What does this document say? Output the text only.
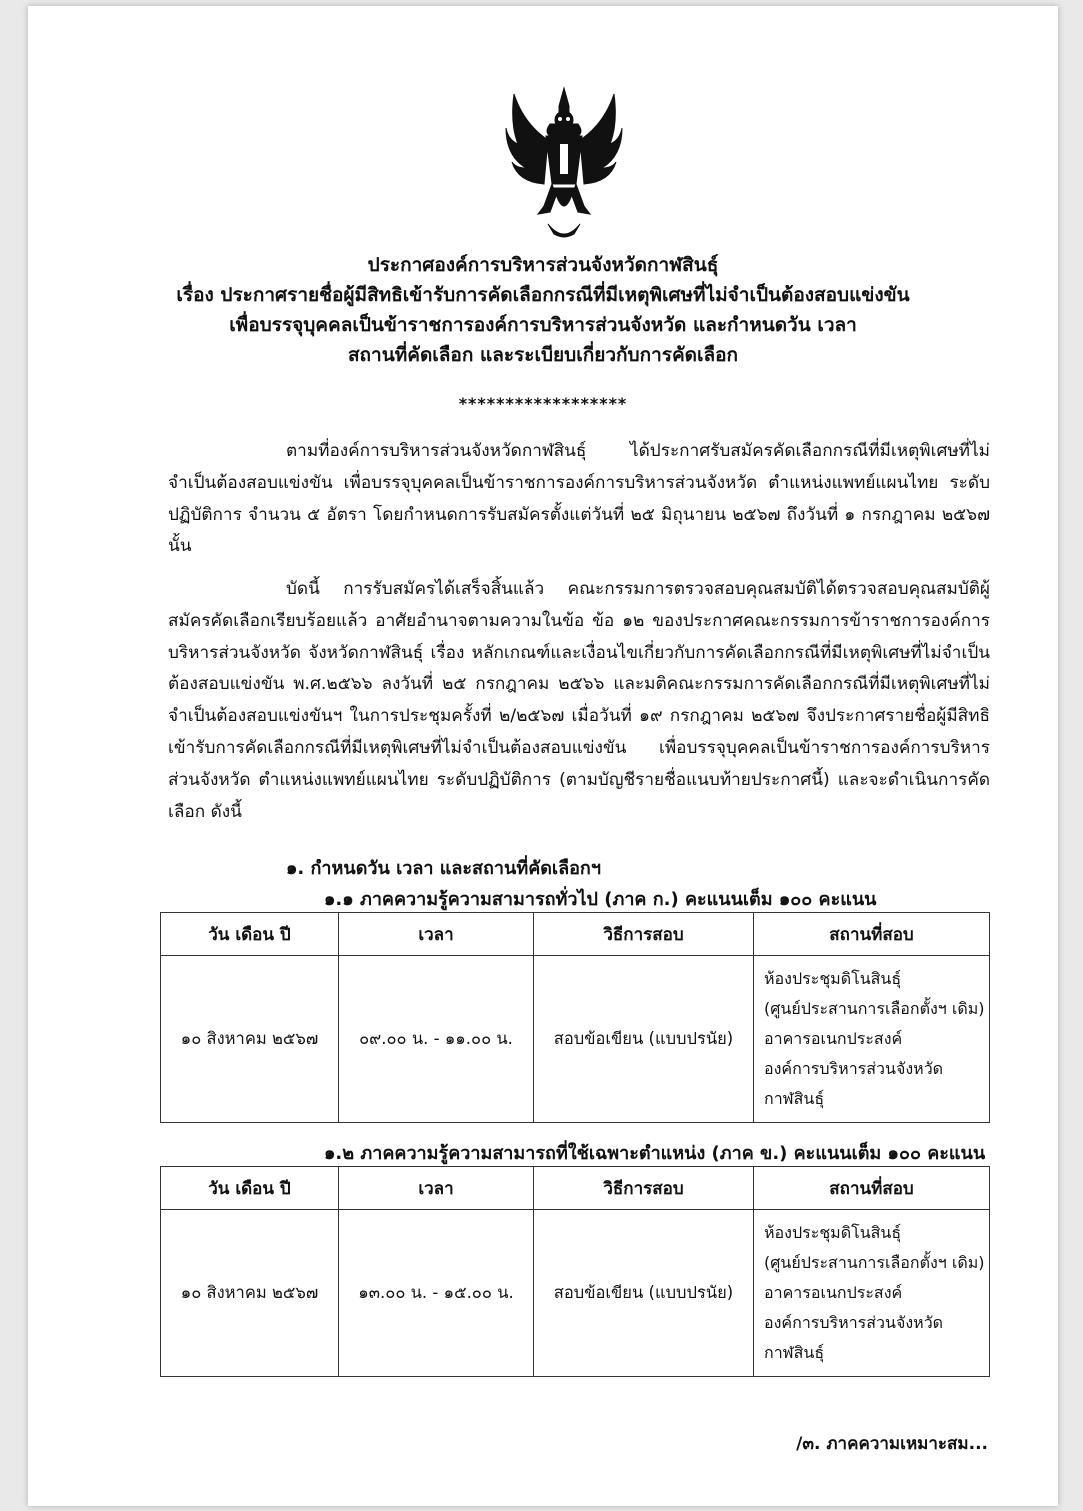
ประกาศองค์การบริหารส่วนจังหวัดกาฬสินธุ์
เรื่อง ประกาศรายชื่อผู้มีสิทธิเข้ารับการคัดเลือกกรณีที่มีเหตุพิเศษที่ไม่จำเป็นต้องสอบแข่งขัน
เพื่อบรรจุบุคคลเป็นข้าราชการองค์การบริหารส่วนจังหวัด และกำหนดวัน เวลา
สถานที่คัดเลือก และระเบียบเกี่ยวกับการคัดเลือก
******************
ตามที่องค์การบริหารส่วนจังหวัดกาฬสินธุ์ ได้ประกาศรับสมัครคัดเลือกกรณีที่มีเหตุพิเศษที่ไม่จำเป็นต้องสอบแข่งขัน เพื่อบรรจุบุคคลเป็นข้าราชการองค์การบริหารส่วนจังหวัด ตำแหน่งแพทย์แผนไทย ระดับปฏิบัติการ จำนวน ๕ อัตรา โดยกำหนดการรับสมัครตั้งแต่วันที่ ๒๕ มิถุนายน ๒๕๖๗ ถึงวันที่ ๑ กรกฎาคม ๒๕๖๗ นั้น
บัดนี้ การรับสมัครได้เสร็จสิ้นแล้ว คณะกรรมการตรวจสอบคุณสมบัติได้ตรวจสอบคุณสมบัติผู้สมัครคัดเลือกเรียบร้อยแล้ว อาศัยอำนาจตามความในข้อ ข้อ ๑๒ ของประกาศคณะกรรมการข้าราชการองค์การบริหารส่วนจังหวัด จังหวัดกาฬสินธุ์ เรื่อง หลักเกณฑ์และเงื่อนไขเกี่ยวกับการคัดเลือกกรณีที่มีเหตุพิเศษที่ไม่จำเป็นต้องสอบแข่งขัน พ.ศ.๒๕๖๖ ลงวันที่ ๒๕ กรกฎาคม ๒๕๖๖ และมติคณะกรรมการคัดเลือกกรณีที่มีเหตุพิเศษที่ไม่จำเป็นต้องสอบแข่งขันฯ ในการประชุมครั้งที่ ๒/๒๕๖๗ เมื่อวันที่ ๑๙ กรกฎาคม ๒๕๖๗ จึงประกาศรายชื่อผู้มีสิทธิเข้ารับการคัดเลือกกรณีที่มีเหตุพิเศษที่ไม่จำเป็นต้องสอบแข่งขัน เพื่อบรรจุบุคคลเป็นข้าราชการองค์การบริหารส่วนจังหวัด ตำแหน่งแพทย์แผนไทย ระดับปฏิบัติการ (ตามบัญชีรายชื่อแนบท้ายประกาศนี้) และจะดำเนินการคัดเลือก ดังนี้
๑. กำหนดวัน เวลา และสถานที่คัดเลือกฯ
๑.๑ ภาคความรู้ความสามารถทั่วไป (ภาค ก.) คะแนนเต็ม ๑๐๐ คะแนน
วัน เดือน ปี	เวลา	วิธีการสอบ	สถานที่สอบ
๑๐ สิงหาคม ๒๕๖๗	๐๙.๐๐ น. - ๑๑.๐๐ น.	สอบข้อเขียน (แบบปรนัย)	ห้องประชุมดิโนสินธุ์
(ศูนย์ประสานการเลือกตั้งฯ เดิม)
อาคารอเนกประสงค์
องค์การบริหารส่วนจังหวัด
กาฬสินธุ์
๑.๒ ภาคความรู้ความสามารถที่ใช้เฉพาะตำแหน่ง (ภาค ข.) คะแนนเต็ม ๑๐๐ คะแนน
วัน เดือน ปี	เวลา	วิธีการสอบ	สถานที่สอบ
๑๐ สิงหาคม ๒๕๖๗	๑๓.๐๐ น. - ๑๕.๐๐ น.	สอบข้อเขียน (แบบปรนัย)	ห้องประชุมดิโนสินธุ์
(ศูนย์ประสานการเลือกตั้งฯ เดิม)
อาคารอเนกประสงค์
องค์การบริหารส่วนจังหวัด
กาฬสินธุ์
/๓. ภาคความเหมาะสม...
